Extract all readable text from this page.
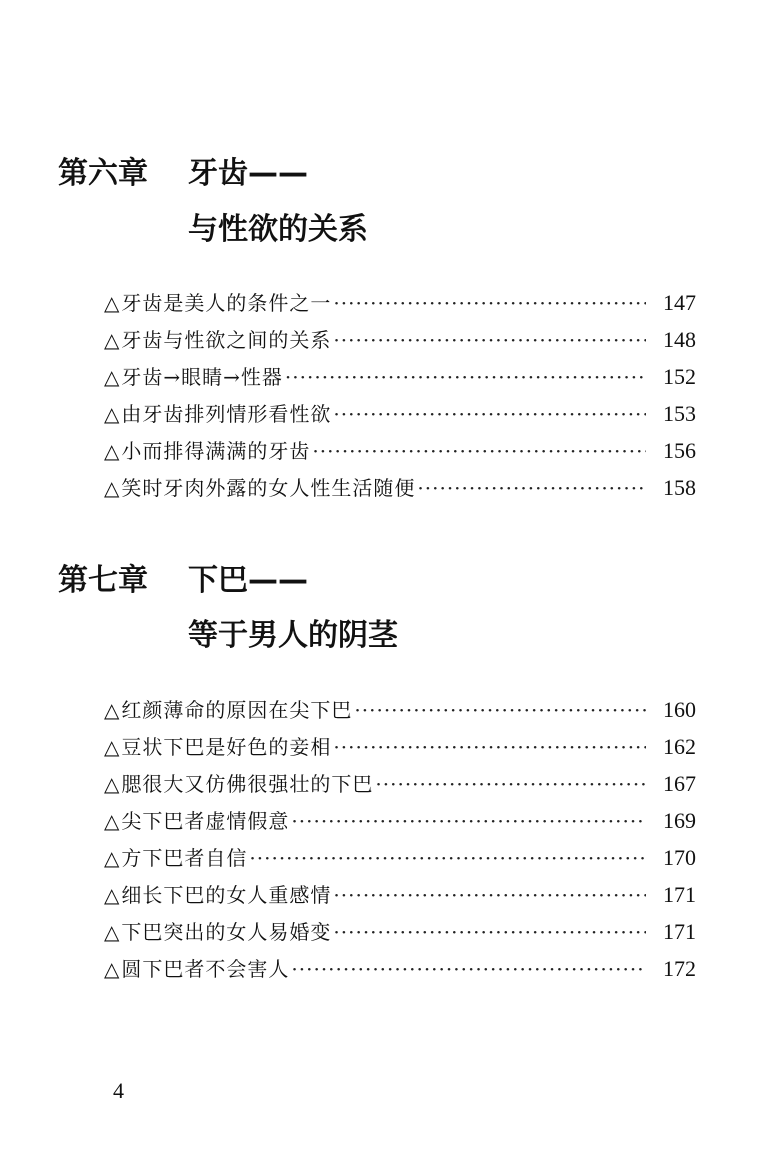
第六章 牙齿——
与性欲的关系
△ 牙齿是美人的条件之一 ·····	147
△ 牙齿与性欲之间的关系 ·····	148
△ 牙齿→眼睛→性器 ·····	152
△ 由牙齿排列情形看性欲 ·····	153
△ 小而排得满满的牙齿 ·····	156
△ 笑时牙肉外露的女人性生活随便 ·····	158
第七章 下巴——
等于男人的阴茎
△ 红颜薄命的原因在尖下巴 ·····	160
△ 豆状下巴是好色的妾相 ·····	162
△ 腮很大又仿佛很强壮的下巴 ·····	167
△ 尖下巴者虚情假意 ·····	169
△ 方下巴者自信 ·····	170
△ 细长下巴的女人重感情 ·····	171
△ 下巴突出的女人易婚变 ·····	171
△ 圆下巴者不会害人 ·····	172
4
